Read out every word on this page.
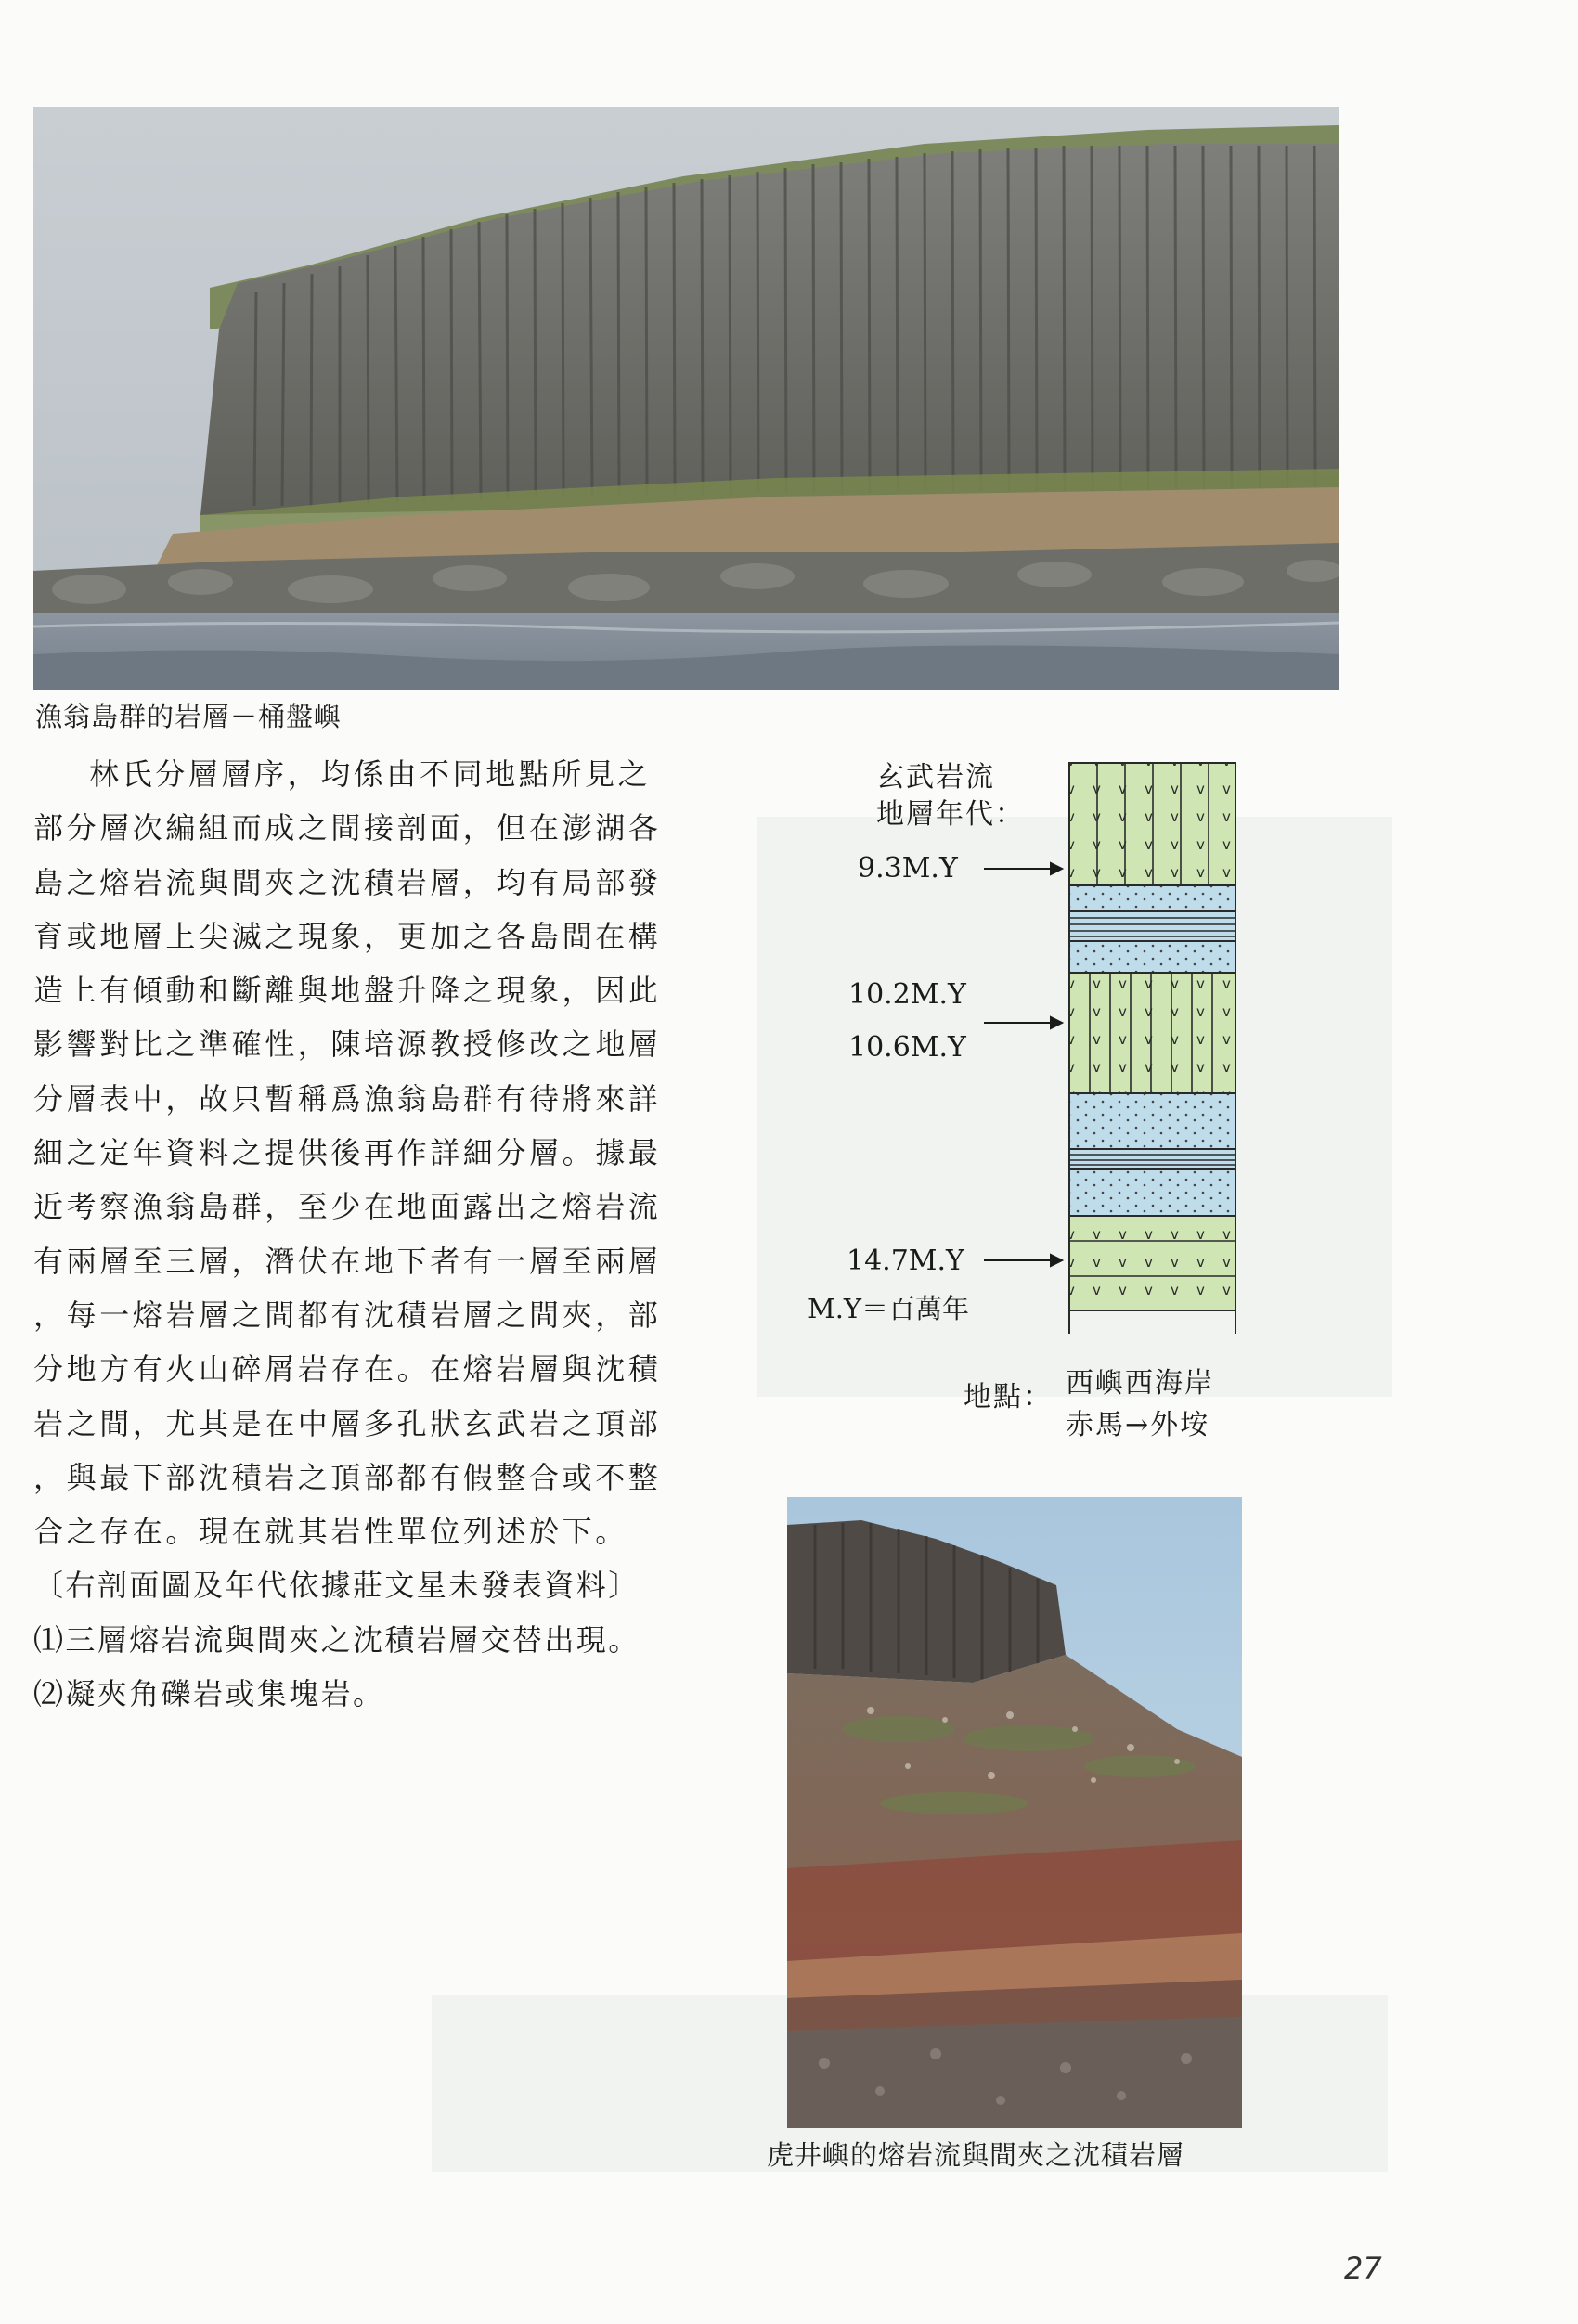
漁翁島群的岩層－桶盤嶼
林氏分層層序，均係由不同地點所見之
部分層次編組而成之間接剖面，但在澎湖各
島之熔岩流與間夾之沈積岩層，均有局部發
育或地層上尖滅之現象，更加之各島間在構
造上有傾動和斷離與地盤升降之現象，因此
影響對比之準確性，陳培源教授修改之地層
分層表中，故只暫稱爲漁翁島群有待將來詳
細之定年資料之提供後再作詳細分層。據最
近考察漁翁島群，至少在地面露出之熔岩流
有兩層至三層，潛伏在地下者有一層至兩層
，每一熔岩層之間都有沈積岩層之間夾，部
分地方有火山碎屑岩存在。在熔岩層與沈積
岩之間，尤其是在中層多孔狀玄武岩之頂部
，與最下部沈積岩之頂部都有假整合或不整
合之存在。現在就其岩性單位列述於下。
〔右剖面圖及年代依據莊文星未發表資料〕
⑴三層熔岩流與間夾之沈積岩層交替出現。
⑵凝夾角礫岩或集塊岩。
玄武岩流
地層年代：
9.3M.Y
10.2M.Y
10.6M.Y
14.7M.Y
M.Y＝百萬年
地點： 西嶼西海岸
赤馬→外垵
虎井嶼的熔岩流與間夾之沈積岩層
27
